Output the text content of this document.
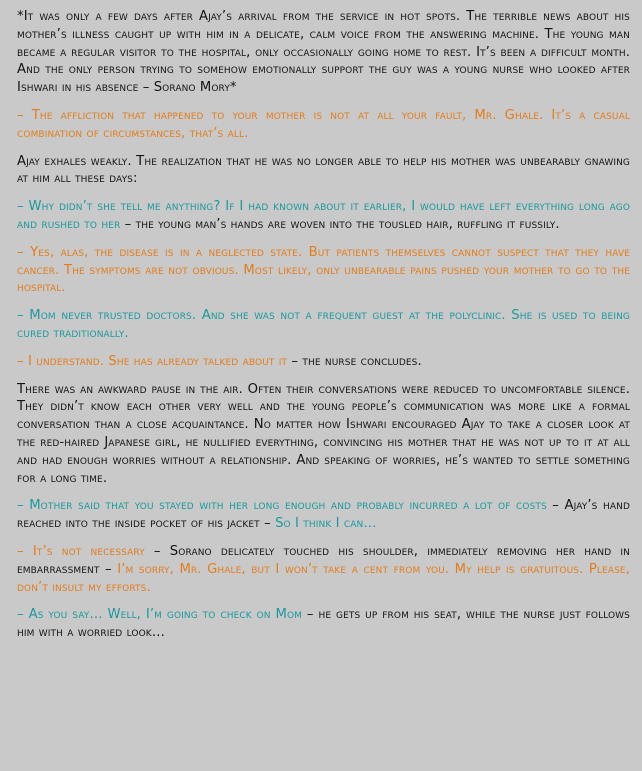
*It was only a few days after Ajay’s arrival from the service in hot spots. The terrible news about his mother’s illness caught up with him in a delicate, calm voice from the answering machine. The young man became a regular visitor to the hospital, only occasionally going home to rest. It’s been a difficult month. And the only person trying to somehow emotionally support the guy was a young nurse who looked after Ishwari in his absence – Sorano Mory*

– The affliction that happened to your mother is not at all your fault, Mr. Ghale. It’s a casual combination of circumstances, that’s all.

Ajay exhales weakly. The realization that he was no longer able to help his mother was unbearably gnawing at him all these days:

– Why didn’t she tell me anything? If I had known about it earlier, I would have left everything long ago and rushed to her – the young man’s hands are woven into the tousled hair, ruffling it fussily.

– Yes, alas, the disease is in a neglected state. But patients themselves cannot suspect that they have cancer. The symptoms are not obvious. Most likely, only unbearable pains pushed your mother to go to the hospital.

– Mom never trusted doctors. And she was not a frequent guest at the polyclinic. She is used to being cured traditionally.

– I understand. She has already talked about it – the nurse concludes.

There was an awkward pause in the air. Often their conversations were reduced to uncomfortable silence. They didn’t know each other very well and the young people’s communication was more like a formal conversation than a close acquaintance. No matter how Ishwari encouraged Ajay to take a closer look at the red-haired Japanese girl, he nullified everything, convincing his mother that he was not up to it at all and had enough worries without a relationship. And speaking of worries, he’s wanted to settle something for a long time.

– Mother said that you stayed with her long enough and probably incurred a lot of costs – Ajay’s hand reached into the inside pocket of his jacket – So I think I can…

– It’s not necessary – Sorano delicately touched his shoulder, immediately removing her hand in embarrassment – I’m sorry, Mr. Ghale, but I won’t take a cent from you. My help is gratuitous. Please, don’t insult my efforts.

– As you say… Well, I’m going to check on Mom – he gets up from his seat, while the nurse just follows him with a worried look…
